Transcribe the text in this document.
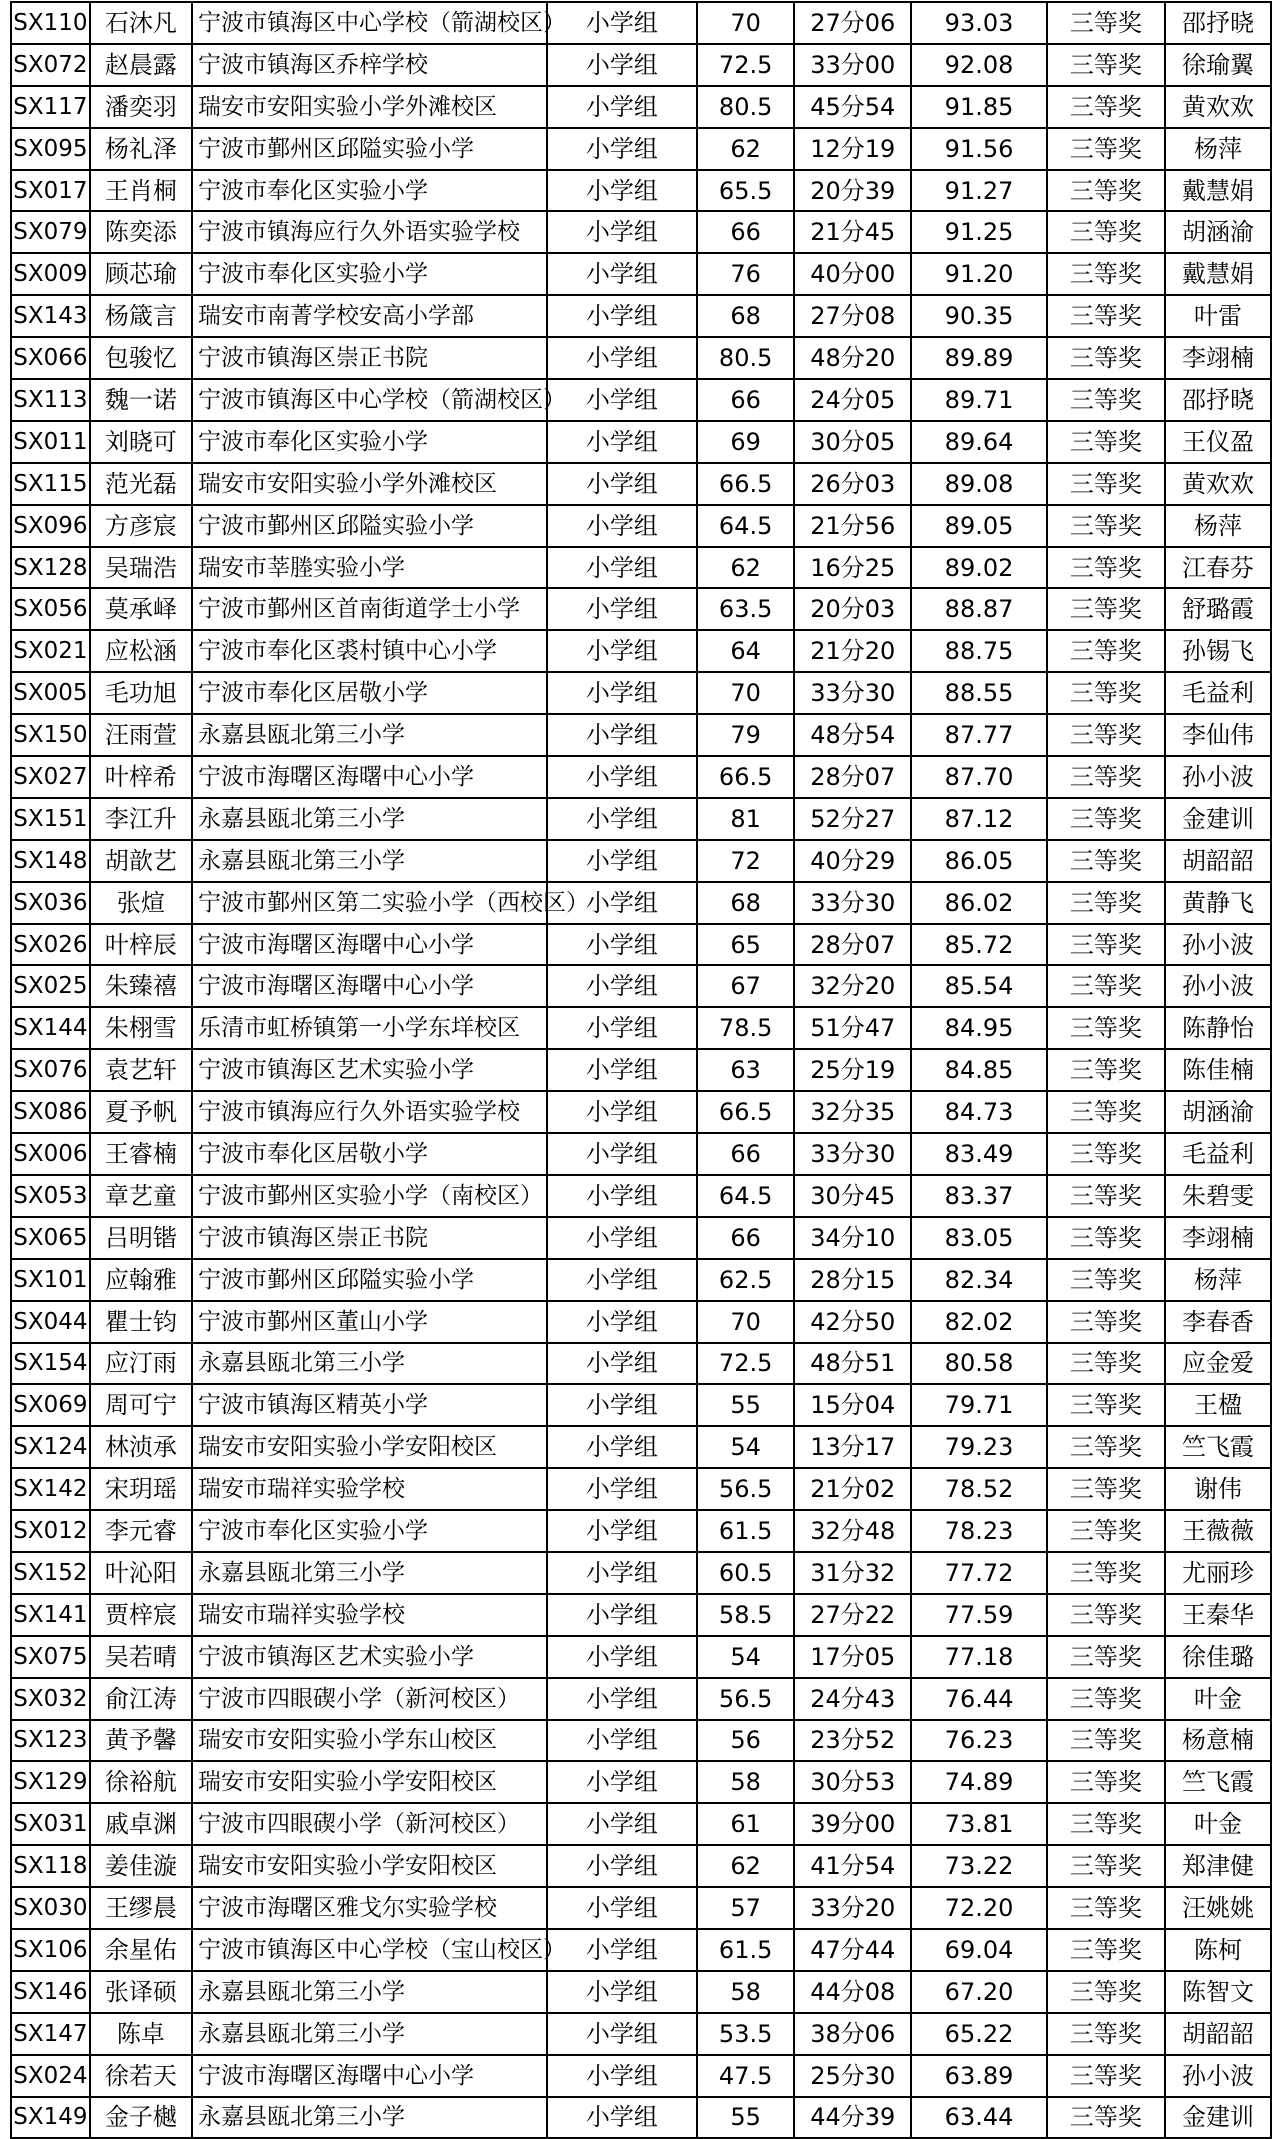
SX110	石沐凡	宁波市镇海区中心学校（箭湖校区）	小学组	70	27分06	93.03	三等奖	邵抒晓
SX072	赵晨露	宁波市镇海区乔梓学校	小学组	72.5	33分00	92.08	三等奖	徐瑜翼
SX117	潘奕羽	瑞安市安阳实验小学外滩校区	小学组	80.5	45分54	91.85	三等奖	黄欢欢
SX095	杨礼泽	宁波市鄞州区邱隘实验小学	小学组	62	12分19	91.56	三等奖	杨萍
SX017	王肖桐	宁波市奉化区实验小学	小学组	65.5	20分39	91.27	三等奖	戴慧娟
SX079	陈奕添	宁波市镇海应行久外语实验学校	小学组	66	21分45	91.25	三等奖	胡涵渝
SX009	顾芯瑜	宁波市奉化区实验小学	小学组	76	40分00	91.20	三等奖	戴慧娟
SX143	杨箴言	瑞安市南菁学校安高小学部	小学组	68	27分08	90.35	三等奖	叶雷
SX066	包骏忆	宁波市镇海区崇正书院	小学组	80.5	48分20	89.89	三等奖	李翊楠
SX113	魏一诺	宁波市镇海区中心学校（箭湖校区）	小学组	66	24分05	89.71	三等奖	邵抒晓
SX011	刘晓可	宁波市奉化区实验小学	小学组	69	30分05	89.64	三等奖	王仪盈
SX115	范光磊	瑞安市安阳实验小学外滩校区	小学组	66.5	26分03	89.08	三等奖	黄欢欢
SX096	方彦宸	宁波市鄞州区邱隘实验小学	小学组	64.5	21分56	89.05	三等奖	杨萍
SX128	吴瑞浩	瑞安市莘塍实验小学	小学组	62	16分25	89.02	三等奖	江春芬
SX056	莫承峄	宁波市鄞州区首南街道学士小学	小学组	63.5	20分03	88.87	三等奖	舒璐霞
SX021	应松涵	宁波市奉化区裘村镇中心小学	小学组	64	21分20	88.75	三等奖	孙锡飞
SX005	毛功旭	宁波市奉化区居敬小学	小学组	70	33分30	88.55	三等奖	毛益利
SX150	汪雨萱	永嘉县瓯北第三小学	小学组	79	48分54	87.77	三等奖	李仙伟
SX027	叶梓希	宁波市海曙区海曙中心小学	小学组	66.5	28分07	87.70	三等奖	孙小波
SX151	李江升	永嘉县瓯北第三小学	小学组	81	52分27	87.12	三等奖	金建训
SX148	胡歆艺	永嘉县瓯北第三小学	小学组	72	40分29	86.05	三等奖	胡韶韶
SX036	张煊	宁波市鄞州区第二实验小学（西校区）	小学组	68	33分30	86.02	三等奖	黄静飞
SX026	叶梓辰	宁波市海曙区海曙中心小学	小学组	65	28分07	85.72	三等奖	孙小波
SX025	朱臻禧	宁波市海曙区海曙中心小学	小学组	67	32分20	85.54	三等奖	孙小波
SX144	朱栩雪	乐清市虹桥镇第一小学东垟校区	小学组	78.5	51分47	84.95	三等奖	陈静怡
SX076	袁艺轩	宁波市镇海区艺术实验小学	小学组	63	25分19	84.85	三等奖	陈佳楠
SX086	夏予帆	宁波市镇海应行久外语实验学校	小学组	66.5	32分35	84.73	三等奖	胡涵渝
SX006	王睿楠	宁波市奉化区居敬小学	小学组	66	33分30	83.49	三等奖	毛益利
SX053	章艺童	宁波市鄞州区实验小学（南校区）	小学组	64.5	30分45	83.37	三等奖	朱碧雯
SX065	吕明锴	宁波市镇海区崇正书院	小学组	66	34分10	83.05	三等奖	李翊楠
SX101	应翰雅	宁波市鄞州区邱隘实验小学	小学组	62.5	28分15	82.34	三等奖	杨萍
SX044	瞿士钧	宁波市鄞州区董山小学	小学组	70	42分50	82.02	三等奖	李春香
SX154	应汀雨	永嘉县瓯北第三小学	小学组	72.5	48分51	80.58	三等奖	应金爱
SX069	周可宁	宁波市镇海区精英小学	小学组	55	15分04	79.71	三等奖	王楹
SX124	林浈承	瑞安市安阳实验小学安阳校区	小学组	54	13分17	79.23	三等奖	竺飞霞
SX142	宋玥瑶	瑞安市瑞祥实验学校	小学组	56.5	21分02	78.52	三等奖	谢伟
SX012	李元睿	宁波市奉化区实验小学	小学组	61.5	32分48	78.23	三等奖	王薇薇
SX152	叶沁阳	永嘉县瓯北第三小学	小学组	60.5	31分32	77.72	三等奖	尤丽珍
SX141	贾梓宸	瑞安市瑞祥实验学校	小学组	58.5	27分22	77.59	三等奖	王秦华
SX075	吴若晴	宁波市镇海区艺术实验小学	小学组	54	17分05	77.18	三等奖	徐佳璐
SX032	俞江涛	宁波市四眼碶小学（新河校区）	小学组	56.5	24分43	76.44	三等奖	叶金
SX123	黄予馨	瑞安市安阳实验小学东山校区	小学组	56	23分52	76.23	三等奖	杨意楠
SX129	徐裕航	瑞安市安阳实验小学安阳校区	小学组	58	30分53	74.89	三等奖	竺飞霞
SX031	戚卓渊	宁波市四眼碶小学（新河校区）	小学组	61	39分00	73.81	三等奖	叶金
SX118	姜佳漩	瑞安市安阳实验小学安阳校区	小学组	62	41分54	73.22	三等奖	郑津健
SX030	王缪晨	宁波市海曙区雅戈尔实验学校	小学组	57	33分20	72.20	三等奖	汪姚姚
SX106	余星佑	宁波市镇海区中心学校（宝山校区）	小学组	61.5	47分44	69.04	三等奖	陈柯
SX146	张译硕	永嘉县瓯北第三小学	小学组	58	44分08	67.20	三等奖	陈智文
SX147	陈卓	永嘉县瓯北第三小学	小学组	53.5	38分06	65.22	三等奖	胡韶韶
SX024	徐若天	宁波市海曙区海曙中心小学	小学组	47.5	25分30	63.89	三等奖	孙小波
SX149	金子樾	永嘉县瓯北第三小学	小学组	55	44分39	63.44	三等奖	金建训
